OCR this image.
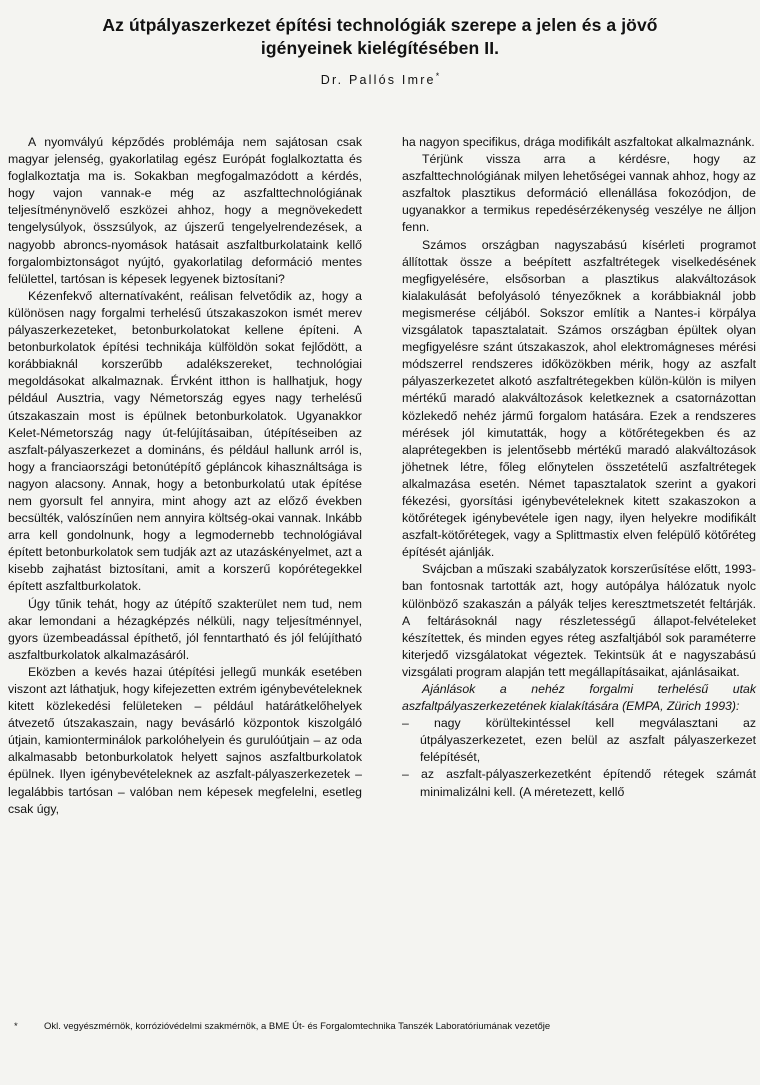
Az útpályaszerkezet építési technológiák szerepe a jelen és a jövő
igényeinek kielégítésében II.
Dr. Pallós Imre*

A nyomvályú képződés problémája nem sajátosan csak magyar jelenség, gyakorlatilag egész Európát foglalkoztatta és foglalkoztatja ma is. Sokakban megfogalmazódott a kérdés, hogy vajon vannak-e még az aszfalttechnológiának teljesítménynövelő eszközei ahhoz, hogy a megnövekedett tengelysúlyok, összsúlyok, az újszerű tengelyelrendezések, a nagyobb abroncs-nyomások hatásait aszfaltburkolataink kellő forgalombiztonságot nyújtó, gyakorlatilag deformáció mentes felülettel, tartósan is képesek legyenek biztosítani?

Kézenfekvő alternatívaként, reálisan felvetődik az, hogy a különösen nagy forgalmi terhelésű útszakaszokon ismét merev pályaszerkezeteket, betonburkolatokat kellene építeni. A betonburkolatok építési technikája külföldön sokat fejlődött, a korábbiaknál korszerűbb adalékszereket, technológiai megoldásokat alkalmaznak. Érvként itthon is hallhatjuk, hogy például Ausztria, vagy Németország egyes nagy terhelésű útszakaszain most is épülnek betonburkolatok. Ugyanakkor Kelet-Németország nagy út-felújításaiban, útépítéseiben az aszfalt-pályaszerkezet a domináns, és például hallunk arról is, hogy a franciaországi betonútépítő gépláncok kihasználtsága is nagyon alacsony. Annak, hogy a betonburkolatú utak építése nem gyorsult fel annyira, mint ahogy azt az előző években becsülték, valószínűen nem annyira költség-okai vannak. Inkább arra kell gondolnunk, hogy a legmodernebb technológiával épített betonburkolatok sem tudják azt az utazáskényelmet, azt a kisebb zajhatást biztosítani, amit a korszerű kopórétegekkel épített aszfaltburkolatok.

Úgy tűnik tehát, hogy az útépítő szakterület nem tud, nem akar lemondani a hézagképzés nélküli, nagy teljesítménnyel, gyors üzembeadással építhető, jól fenntartható és jól felújítható aszfaltburkolatok alkalmazásáról.

Eközben a kevés hazai útépítési jellegű munkák esetében viszont azt láthatjuk, hogy kifejezetten extrém igénybevételeknek kitett közlekedési felületeken – például határátkelőhelyek átvezető útszakaszain, nagy bevásárló központok kiszolgáló útjain, kamionterminálok parkolóhelyein és gurulóútjain – az oda alkalmasabb betonburkolatok helyett sajnos aszfaltburkolatok épülnek. Ilyen igénybevételeknek az aszfalt-pályaszerkezetek – legalábbis tartósan – valóban nem képesek megfelelni, esetleg csak úgy,

ha nagyon specifikus, drága modifikált aszfaltokat alkalmaznánk.

Térjünk vissza arra a kérdésre, hogy az aszfalttechnológiának milyen lehetőségei vannak ahhoz, hogy az aszfaltok plasztikus deformáció ellenállása fokozódjon, de ugyanakkor a termikus repedésérzékenység veszélye ne álljon fenn.

Számos országban nagyszabású kísérleti programot állítottak össze a beépített aszfaltrétegek viselkedésének megfigyelésére, elsősorban a plasztikus alakváltozások kialakulását befolyásoló tényezőknek a korábbiaknál jobb megismerése céljából. Sokszor említik a Nantes-i körpálya vizsgálatok tapasztalatait. Számos országban épültek olyan megfigyelésre szánt útszakaszok, ahol elektromágneses mérési módszerrel rendszeres időközökben mérik, hogy az aszfalt pályaszerkezetet alkotó aszfaltrétegekben külön-külön is milyen mértékű maradó alakváltozások keletkeznek a csatornázottan közlekedő nehéz jármű forgalom hatására. Ezek a rendszeres mérések jól kimutatták, hogy a kötőrétegekben és az alaprétegekben is jelentősebb mértékű maradó alakváltozások jöhetnek létre, főleg előnytelen összetételű aszfaltrétegek alkalmazása esetén. Német tapasztalatok szerint a gyakori fékezési, gyorsítási igénybevételeknek kitett szakaszokon a kötőrétegek igénybevétele igen nagy, ilyen helyekre modifikált aszfalt-kötőrétegek, vagy a Splittmastix elven felépülő kötőréteg építését ajánlják.

Svájcban a műszaki szabályzatok korszerűsítése előtt, 1993-ban fontosnak tartották azt, hogy autópálya hálózatuk nyolc különböző szakaszán a pályák teljes keresztmetszetét feltárják. A feltárásoknál nagy részletességű állapot-felvételeket készítettek, és minden egyes réteg aszfaltjából sok paraméterre kiterjedő vizsgálatokat végeztek. Tekintsük át e nagyszabású vizsgálati program alapján tett megállapításaikat, ajánlásaikat.

Ajánlások a nehéz forgalmi terhelésű utak aszfaltpályaszerkezetének kialakítására (EMPA, Zürich 1993):

– nagy körültekintéssel kell megválasztani az útpályaszerkezetet, ezen belül az aszfalt pályaszerkezet felépítését,

– az aszfalt-pályaszerkezetként építendő rétegek számát minimalizálni kell. (A méretezett, kellő

*	Okl. vegyészmérnök, korrózióvédelmi szakmérnök, a BME Út- és Forgalomtechnika Tanszék Laboratóriumának vezetője
